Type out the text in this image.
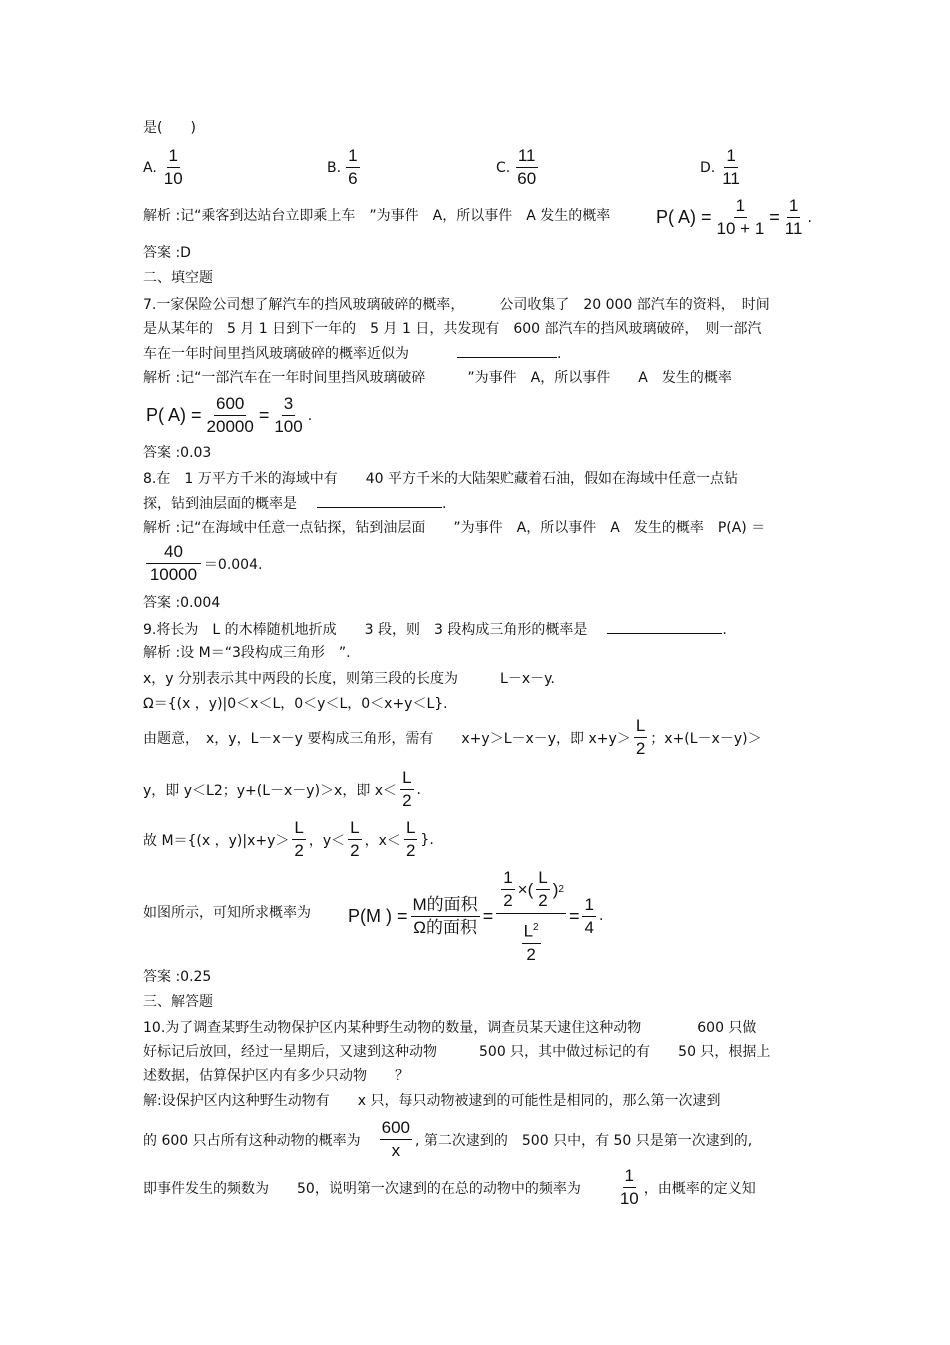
是(　　)
A. $\frac{1}{10}$	B. $\frac{1}{6}$	C. $\frac{11}{60}$	D. $\frac{1}{11}$
解析 :记“乘客到达站台立即乘上车　”为事件　A，所以事件　A 发生的概率	P( $A) = \frac{1}{10 + 1} = \frac{1}{11}$ .
答案 :D
二、填空题
7.一家保险公司想了解汽车的挡风玻璃破碎的概率，　　　公司收集了　20 000 部汽车的资料，　时间
是从某年的　5 月 1 日到下一年的　5 月 1 日，共发现有　600 部汽车的挡风玻璃破碎，　则一部汽
车在一年时间里挡风玻璃破碎的概率近似为	.
解析 :记“一部汽车在一年时间里挡风玻璃破碎　　　”为事件　A，所以事件　　A　发生的概率
P( $A) = \frac{600}{20000} = \frac{3}{100}$ .
答案 :0.03
8.在　1 万平方千米的海域中有　　40 平方千米的大陆架贮藏着石油，假如在海域中任意一点钻
探，钻到油层面的概率是	.
解析 :记“在海域中任意一点钻探，钻到油层面　　”为事件　A，所以事件　A　发生的概率　P(A) ＝
$\frac{40}{10000} =0.004$.
答案 :0.004
9.将长为　L 的木棒随机地折成　　3 段，则　3 段构成三角形的概率是	.
解析 :设 M＝“3段构成三角形　”.
x，y 分别表示其中两段的长度，则第三段的长度为　　　L－x－y.
Ω＝{(x ，y)|0＜x＜L，0＜y＜L，0＜x+y＜L}.
由题意，　x，y，L－x－y 要构成三角形，需有　　x+y＞L－x－y，即 $x+y> \frac{L}{2}$ ；x+(L－x－y)＞
y，即 y＜L2；y+(L－x－y)＞x，即 $x< \frac{L}{2}$ .
故 M＝{(x ，$y)|x+y> \frac{L}{2}$ ，$y< \frac{L}{2}$ ，$x< \frac{L}{2}$ }.
如图所示，可知所求概率为 P(M ) = $\frac{\text{M的面积}}{\text{Ω的面积}}$ =
$\frac{1}{2}$ ×( $\frac{L}{2}$ ) 2
$\frac{L^2}{2}$
= $\frac{1}{4}$ .
答案 :0.25
三、解答题
10.为了调查某野生动物保护区内某种野生动物的数量，调查员某天逮住这种动物　　　　600 只做
好标记后放回，经过一星期后，又逮到这种动物　　　500 只，其中做过标记的有　　50 只，根据上
述数据，估算保护区内有多少只动物　　？
解:设保护区内这种野生动物有　　x 只，每只动物被逮到的可能性是相同的，那么第一次逮到
的 600 只占所有这种动物的概率为 $\frac{600}{x}$ , 第二次逮到的　500 只中，有 50 只是第一次逮到的,
即事件发生的频数为　　50，说明第一次逮到的在总的动物中的频率为 $\frac{1}{10}$ ，由概率的定义知
